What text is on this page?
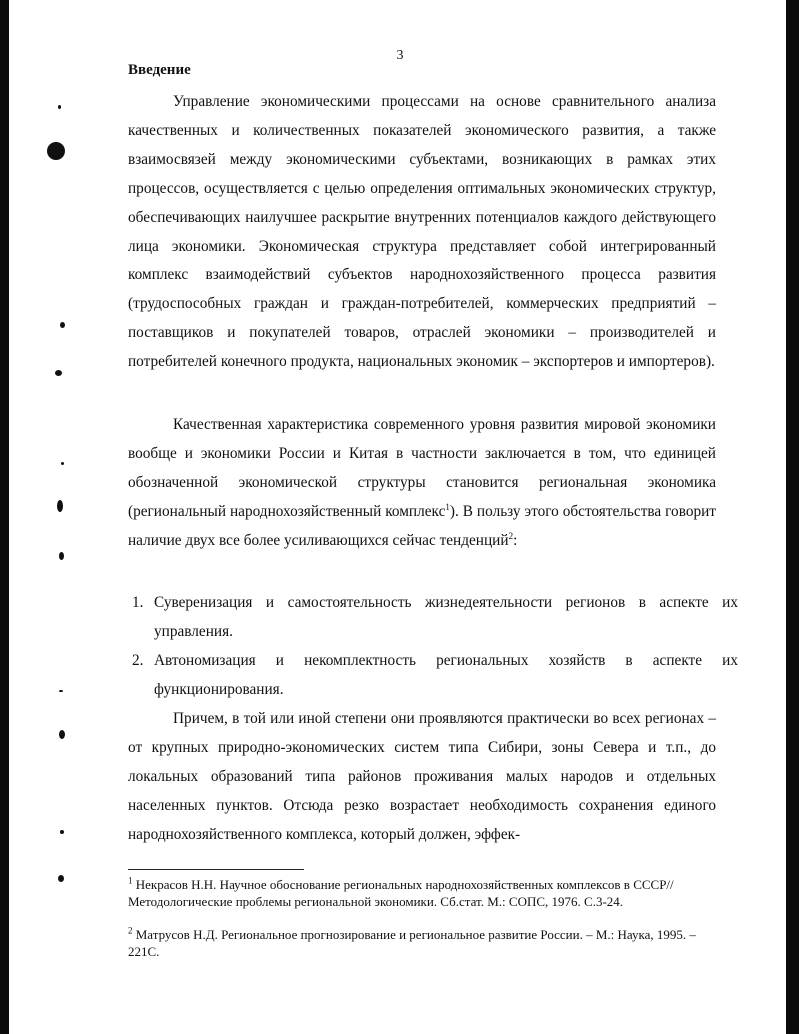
3
Введение

Управление экономическими процессами на основе сравнительного анализа качественных и количественных показателей экономического развития, а также взаимосвязей между экономическими субъектами, возникающих в рамках этих процессов, осуществляется с целью определения оптимальных экономических структур, обеспечивающих наилучшее раскрытие внутренних потенциалов каждого действующего лица экономики. Экономическая структура представляет собой интегрированный комплекс взаимодействий субъектов народнохозяйственного процесса развития (трудоспособных граждан и граждан-потребителей, коммерческих предприятий – поставщиков и покупателей товаров, отраслей экономики – производителей и потребителей конечного продукта, национальных экономик – экспортеров и импортеров).

Качественная характеристика современного уровня развития мировой экономики вообще и экономики России и Китая в частности заключается в том, что единицей обозначенной экономической структуры становится региональная экономика (региональный народнохозяйственный комплекс$^1$). В пользу этого обстоятельства говорит наличие двух все более усиливающихся сейчас тенденций$^2$:

1. Суверенизация и самостоятельность жизнедеятельности регионов в аспекте их управления.

2. Автономизация и некомплектность региональных хозяйств в аспекте их функционирования.

Причем, в той или иной степени они проявляются практически во всех регионах – от крупных природно-экономических систем типа Сибири, зоны Севера и т.п., до локальных образований типа районов проживания малых народов и отдельных населенных пунктов. Отсюда резко возрастает необходимость сохранения единого народнохозяйственного комплекса, который должен, эффек-

$^1$ Некрасов Н.Н. Научное обоснование региональных народнохозяйственных комплексов в СССР//Методологические проблемы региональной экономики. Сб.стат. М.: СОПС, 1976. С.3-24.

$^2$ Матрусов Н.Д. Региональное прогнозирование и региональное развитие России. – М.: Наука, 1995. – 221С.
